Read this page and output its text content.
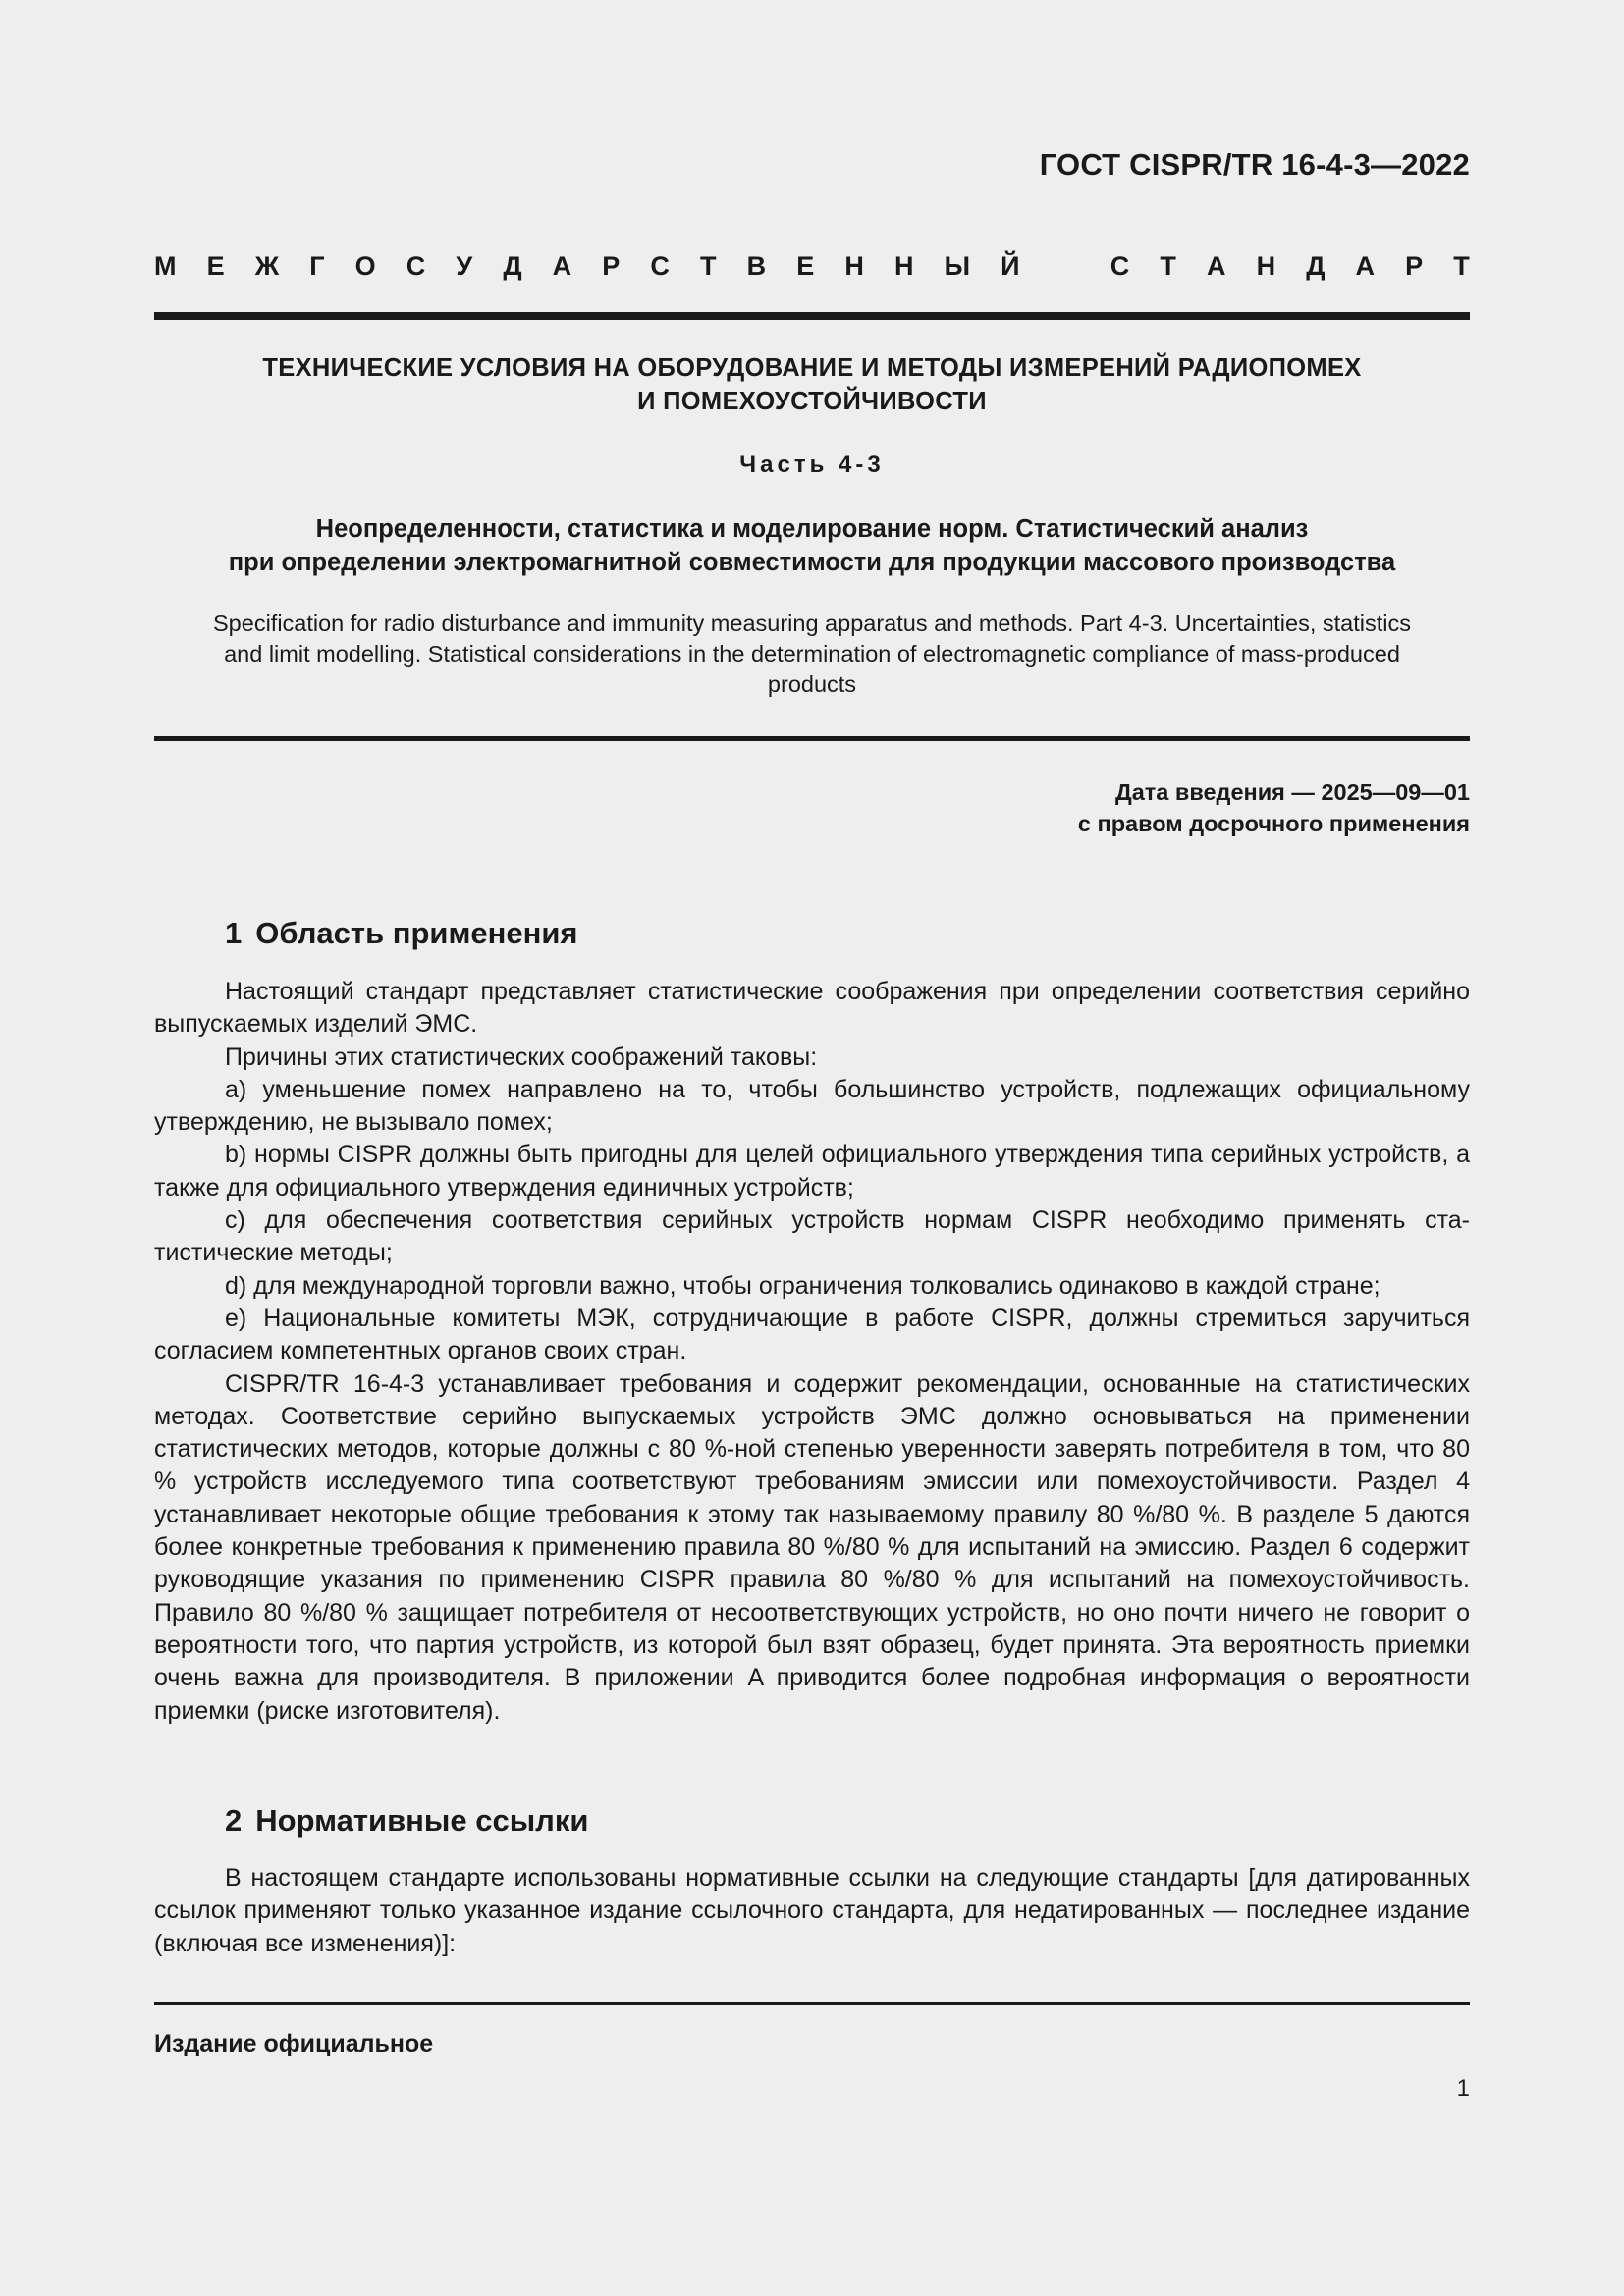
ГОСТ CISPR/TR 16-4-3—2022
М Е Ж Г О С У Д А Р С Т В Е Н Н Ы Й	С Т А Н Д А Р Т
ТЕХНИЧЕСКИЕ УСЛОВИЯ НА ОБОРУДОВАНИЕ И МЕТОДЫ ИЗМЕРЕНИЙ РАДИОПОМЕХ
И ПОМЕХОУСТОЙЧИВОСТИ
Часть 4-3
Неопределенности, статистика и моделирование норм. Статистический анализ
при определении электромагнитной совместимости для продукции массового производства
Specification for radio disturbance and immunity measuring apparatus and methods. Part 4-3. Uncertainties, statistics
and limit modelling. Statistical considerations in the determination of electromagnetic compliance of mass-produced
products
Дата введения — 2025—09—01
с правом досрочного применения
1 Область применения

Настоящий стандарт представляет статистические соображения при определении соответствия серийно выпускаемых изделий ЭМС.

Причины этих статистических соображений таковы:

a) уменьшение помех направлено на то, чтобы большинство устройств, подлежащих официальному утверждению, не вызывало помех;

b) нормы CISPR должны быть пригодны для целей официального утверждения типа серийных устройств, а также для официального утверждения единичных устройств;

c) для обеспечения соответствия серийных устройств нормам CISPR необходимо применять статистические методы;

d) для международной торговли важно, чтобы ограничения толковались одинаково в каждой стране;

e) Национальные комитеты МЭК, сотрудничающие в работе CISPR, должны стремиться заручиться согласием компетентных органов своих стран.

CISPR/TR 16-4-3 устанавливает требования и содержит рекомендации, основанные на статистических методах. Соответствие серийно выпускаемых устройств ЭМС должно основываться на применении статистических методов, которые должны с 80 %-ной степенью уверенности заверять потребителя в том, что 80 % устройств исследуемого типа соответствуют требованиям эмиссии или помехоустойчивости. Раздел 4 устанавливает некоторые общие требования к этому так называемому правилу 80 %/80 %. В разделе 5 даются более конкретные требования к применению правила 80 %/80 % для испытаний на эмиссию. Раздел 6 содержит руководящие указания по применению CISPR правила 80 %/80 % для испытаний на помехоустойчивость. Правило 80 %/80 % защищает потребителя от несоответствующих устройств, но оно почти ничего не говорит о вероятности того, что партия устройств, из которой был взят образец, будет принята. Эта вероятность приемки очень важна для производителя. В приложении A приводится более подробная информация о вероятности приемки (риске изготовителя).

2 Нормативные ссылки

В настоящем стандарте использованы нормативные ссылки на следующие стандарты [для датированных ссылок применяют только указанное издание ссылочного стандарта, для недатированных — последнее издание (включая все изменения)]:

Издание официальное
1
